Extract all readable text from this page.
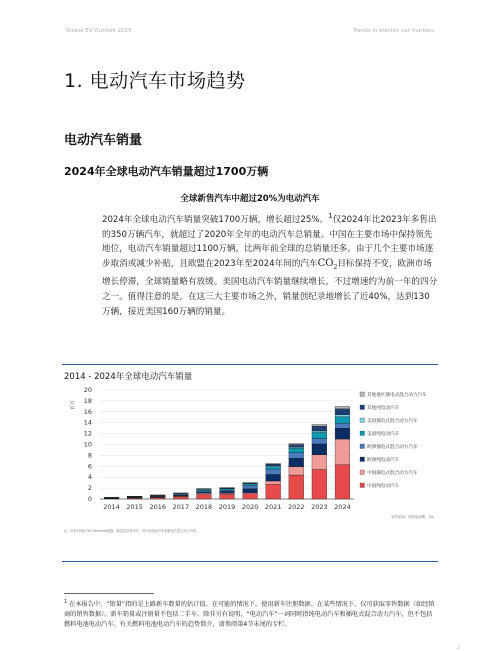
Global EV Outlook 2025	Trends in electric car markets
1. 电动汽车市场趋势
电动汽车销量
2024年全球电动汽车销量超过1700万辆
全球新售汽车中超过20%为电动汽车
2024年全球电动汽车销量突破1700万辆，增长超过25%。$^1$仅2024年比2023年多售出的350万辆汽车，就超过了2020年全年的电动汽车总销量。中国在主要市场中保持领先地位，电动汽车销量超过1100万辆，比两年前全球的总销量还多。由于几个主要市场逐步取消或减少补贴，且欧盟在2023年至2024年间的汽车$CO_2$目标保持不变，欧洲市场增长停滞，全球销量略有放缓。美国电动汽车销量继续增长，不过增速约为前一年的四分之一。值得注意的是，在这三大主要市场之外，销量创纪录地增长了近40%，达到130万辆，接近美国160万辆的销量。
2014 - 2024年全球电动汽车销量
0
2
4
6
8
10
12
14
16
18
20
百万
2014 2015 2016 2017 2018 2019 2020 2021 2022 2023 2024
其他地区插电式混合动力汽车
其他纯电动汽车
美国插电式混合动力汽车
美国纯电动汽车
欧洲插电式混合动力汽车
欧洲纯电动汽车
中国插电式混合动力汽车
中国纯电动汽车
资料来源：国际能源署，IEA
注：IEA分析基于EV Volumes数据。销量包括乘用车，其中纯电动汽车和插电式混合动力汽车。
$^1$ 在本报告中，“销量”指的是上路新车数量的估计值。在可能的情况下，使用新车注册数据。在某些情况下，仅可获取零售数据（如经销商的销售数据）。新车销量或注册量不包括二手车。除非另有说明，“电动汽车”一词同时指纯电动汽车和插电式混合动力汽车，但不包括燃料电池电动汽车。有关燃料电池电动汽车的趋势简介，请参阅第4节末尾的专栏。
2
